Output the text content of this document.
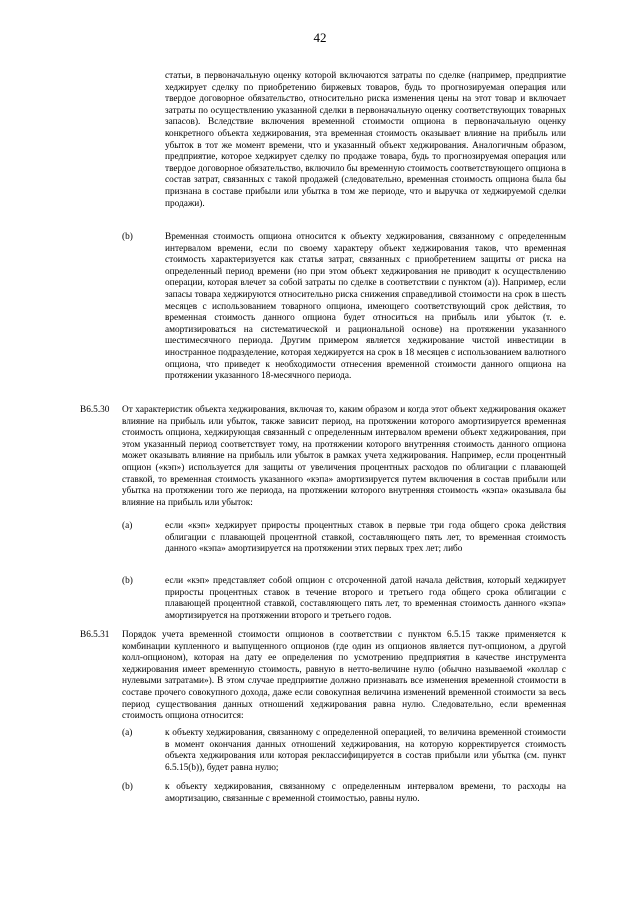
42

статьи, в первоначальную оценку которой включаются затраты по сделке (например, предприятие хеджирует сделку по приобретению биржевых товаров, будь то прогнозируемая операция или твердое договорное обязательство, относительно риска изменения цены на этот товар и включает затраты по осуществлению указанной сделки в первоначальную оценку соответствующих товарных запасов). Вследствие включения временной стоимости опциона в первоначальную оценку конкретного объекта хеджирования, эта временная стоимость оказывает влияние на прибыль или убыток в тот же момент времени, что и указанный объект хеджирования. Аналогичным образом, предприятие, которое хеджирует сделку по продаже товара, будь то прогнозируемая операция или твердое договорное обязательство, включило бы временную стоимость соответствующего опциона в состав затрат, связанных с такой продажей (следовательно, временная стоимость опциона была бы признана в составе прибыли или убытка в том же периоде, что и выручка от хеджируемой сделки продажи).

(b)	Временная стоимость опциона относится к объекту хеджирования, связанному с определенным интервалом времени, если по своему характеру объект хеджирования таков, что временная стоимость характеризуется как статья затрат, связанных с приобретением защиты от риска на определенный период времени (но при этом объект хеджирования не приводит к осуществлению операции, которая влечет за собой затраты по сделке в соответствии с пунктом (а)). Например, если запасы товара хеджируются относительно риска снижения справедливой стоимости на срок в шесть месяцев с использованием товарного опциона, имеющего соответствующий срок действия, то временная стоимость данного опциона будет относиться на прибыль или убыток (т. е. амортизироваться на систематической и рациональной основе) на протяжении указанного шестимесячного периода. Другим примером является хеджирование чистой инвестиции в иностранное подразделение, которая хеджируется на срок в 18 месяцев с использованием валютного опциона, что приведет к необходимости отнесения временной стоимости данного опциона на протяжении указанного 18-месячного периода.

B6.5.30 От характеристик объекта хеджирования, включая то, каким образом и когда этот объект хеджирования окажет влияние на прибыль или убыток, также зависит период, на протяжении которого амортизируется временная стоимость опциона, хеджирующая связанный с определенным интервалом времени объект хеджирования, при этом указанный период соответствует тому, на протяжении которого внутренняя стоимость данного опциона может оказывать влияние на прибыль или убыток в рамках учета хеджирования. Например, если процентный опцион («кэп») используется для защиты от увеличения процентных расходов по облигации с плавающей ставкой, то временная стоимость указанного «кэпа» амортизируется путем включения в состав прибыли или убытка на протяжении того же периода, на протяжении которого внутренняя стоимость «кэпа» оказывала бы влияние на прибыль или убыток:

(a)	если «кэп» хеджирует приросты процентных ставок в первые три года общего срока действия облигации с плавающей процентной ставкой, составляющего пять лет, то временная стоимость данного «кэпа» амортизируется на протяжении этих первых трех лет; либо

(b)	если «кэп» представляет собой опцион с отсроченной датой начала действия, который хеджирует приросты процентных ставок в течение второго и третьего года общего срока облигации с плавающей процентной ставкой, составляющего пять лет, то временная стоимость данного «кэпа» амортизируется на протяжении второго и третьего годов.

B6.5.31 Порядок учета временной стоимости опционов в соответствии с пунктом 6.5.15 также применяется к комбинации купленного и выпущенного опционов (где один из опционов является пут-опционом, а другой колл-опционом), которая на дату ее определения по усмотрению предприятия в качестве инструмента хеджирования имеет временную стоимость, равную в нетто-величине нулю (обычно называемой «коллар с нулевыми затратами»). В этом случае предприятие должно признавать все изменения временной стоимости в составе прочего совокупного дохода, даже если совокупная величина изменений временной стоимости за весь период существования данных отношений хеджирования равна нулю. Следовательно, если временная стоимость опциона относится:

(a)	к объекту хеджирования, связанному с определенной операцией, то величина временной стоимости в момент окончания данных отношений хеджирования, на которую корректируется стоимость объекта хеджирования или которая реклассифицируется в состав прибыли или убытка (см. пункт 6.5.15(b)), будет равна нулю;

(b)	к объекту хеджирования, связанному с определенным интервалом времени, то расходы на амортизацию, связанные с временной стоимостью, равны нулю.
